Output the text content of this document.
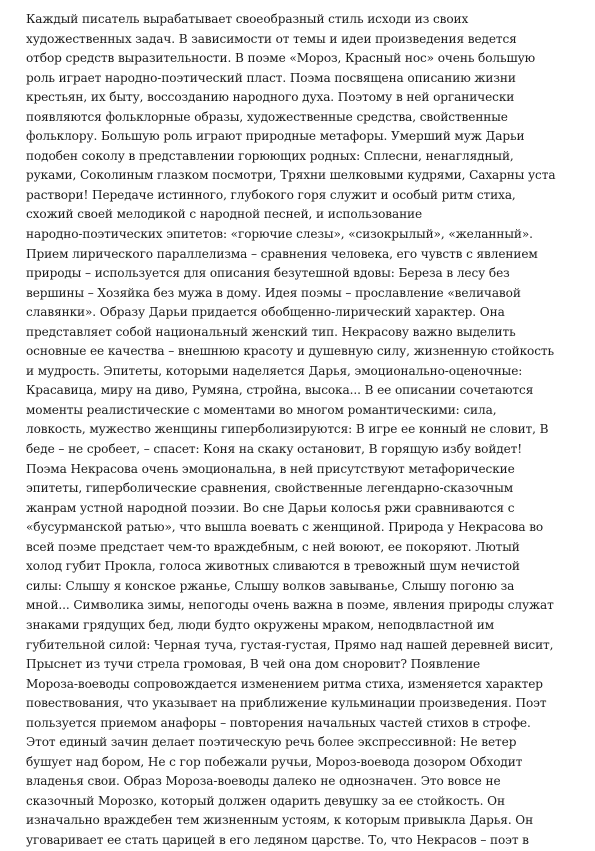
Каждый писатель вырабатывает своеобразный стиль исходи из своих
художественных задач. В зависимости от темы и идеи произведения ведется
отбор средств выразительности. В поэме «Мороз, Красный нос» очень большую
роль играет народно-поэтический пласт. Поэма посвящена описанию жизни
крестьян, их быту, воссозданию народного духа. Поэтому в ней органически
появляются фольклорные образы, художественные средства, свойственные
фольклору. Большую роль играют природные метафоры. Умерший муж Дарьи
подобен соколу в представлении горюющих родных: Сплесни, ненаглядный,
руками, Соколиным глазком посмотри, Тряхни шелковыми кудрями, Сахарны уста
раствори! Передаче истинного, глубокого горя служит и особый ритм стиха,
схожий своей мелодикой с народной песней, и использование
народно-поэтических эпитетов: «горючие слезы», «сизокрылый», «желанный».
Прием лирического параллелизма – сравнения человека, его чувств с явлением
природы – используется для описания безутешной вдовы: Береза в лесу без
вершины – Хозяйка без мужа в дому. Идея поэмы – прославление «величавой
славянки». Образу Дарьи придается обобщенно-лирический характер. Она
представляет собой национальный женский тип. Некрасову важно выделить
основные ее качества – внешнюю красоту и душевную силу, жизненную стойкость
и мудрость. Эпитеты, которыми наделяется Дарья, эмоционально-оценочные:
Красавица, миру на диво, Румяна, стройна, высока... В ее описании сочетаются
моменты реалистические с моментами во многом романтическими: сила,
ловкость, мужество женщины гиперболизируются: В игре ее конный не словит, В
беде – не сробеет, – спасет: Коня на скаку остановит, В горящую избу войдет!
Поэма Некрасова очень эмоциональна, в ней присутствуют метафорические
эпитеты, гиперболические сравнения, свойственные легендарно-сказочным
жанрам устной народной поэзии. Во сне Дарьи колосья ржи сравниваются с
«бусурманской ратью», что вышла воевать с женщиной. Природа у Некрасова во
всей поэме предстает чем-то враждебным, с ней воюют, ее покоряют. Лютый
холод губит Прокла, голоса животных сливаются в тревожный шум нечистой
силы: Слышу я конское ржанье, Слышу волков завыванье, Слышу погоню за
мной... Символика зимы, непогоды очень важна в поэме, явления природы служат
знаками грядущих бед, люди будто окружены мраком, неподвластной им
губительной силой: Черная туча, густая-густая, Прямо над нашей деревней висит,
Прыснет из тучи стрела громовая, В чей она дом сноровит? Появление
Мороза-воеводы сопровождается изменением ритма стиха, изменяется характер
повествования, что указывает на приближение кульминации произведения. Поэт
пользуется приемом анафоры – повторения начальных частей стихов в строфе.
Этот единый зачин делает поэтическую речь более экспрессивной: Не ветер
бушует над бором, Не с гор побежали ручьи, Мороз-воевода дозором Обходит
владенья свои. Образ Мороза-воеводы далеко не однозначен. Это вовсе не
сказочный Морозко, который должен одарить девушку за ее стойкость. Он
изначально враждебен тем жизненным устоям, к которым привыкла Дарья. Он
уговаривает ее стать царицей в его ледяном царстве. То, что Некрасов – поэт в
